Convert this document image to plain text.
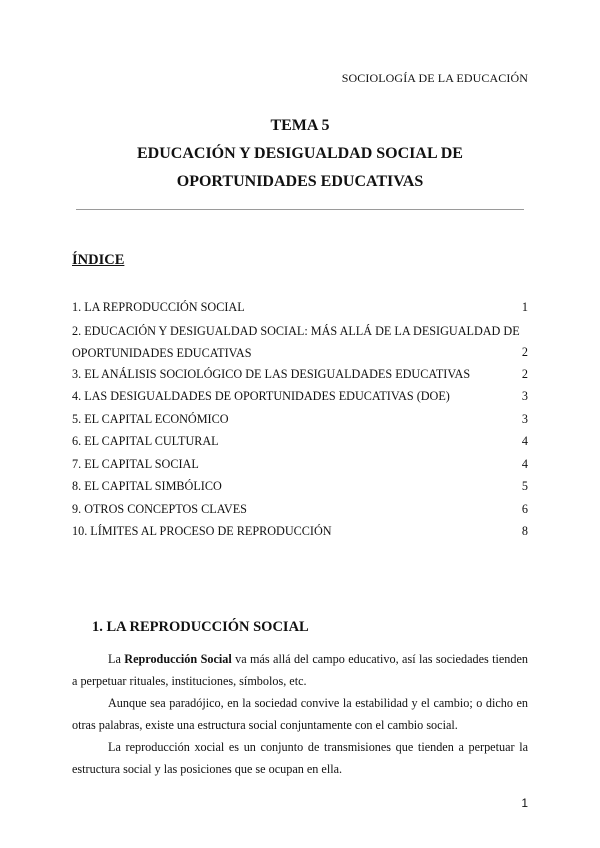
SOCIOLOGÍA DE LA EDUCACIÓN
TEMA 5
EDUCACIÓN Y DESIGUALDAD SOCIAL DE
OPORTUNIDADES EDUCATIVAS
ÍNDICE
1. LA REPRODUCCIÓN SOCIAL	1
2. EDUCACIÓN Y DESIGUALDAD SOCIAL: MÁS ALLÁ DE LA DESIGUALDAD DE OPORTUNIDADES EDUCATIVAS	2
3. EL ANÁLISIS SOCIOLÓGICO DE LAS DESIGUALDADES EDUCATIVAS	2
4. LAS DESIGUALDADES DE OPORTUNIDADES EDUCATIVAS (DOE)	3
5. EL CAPITAL ECONÓMICO	3
6. EL CAPITAL CULTURAL	4
7. EL CAPITAL SOCIAL	4
8. EL CAPITAL SIMBÓLICO	5
9. OTROS CONCEPTOS CLAVES	6
10. LÍMITES AL PROCESO DE REPRODUCCIÓN	8
1. LA REPRODUCCIÓN SOCIAL

La Reproducción Social va más allá del campo educativo, así las sociedades tienden a perpetuar rituales, instituciones, símbolos, etc.

Aunque sea paradójico, en la sociedad convive la estabilidad y el cambio; o dicho en otras palabras, existe una estructura social conjuntamente con el cambio social.

La reproducción xocial es un conjunto de transmisiones que tienden a perpetuar la estructura social y las posiciones que se ocupan en ella.

1
